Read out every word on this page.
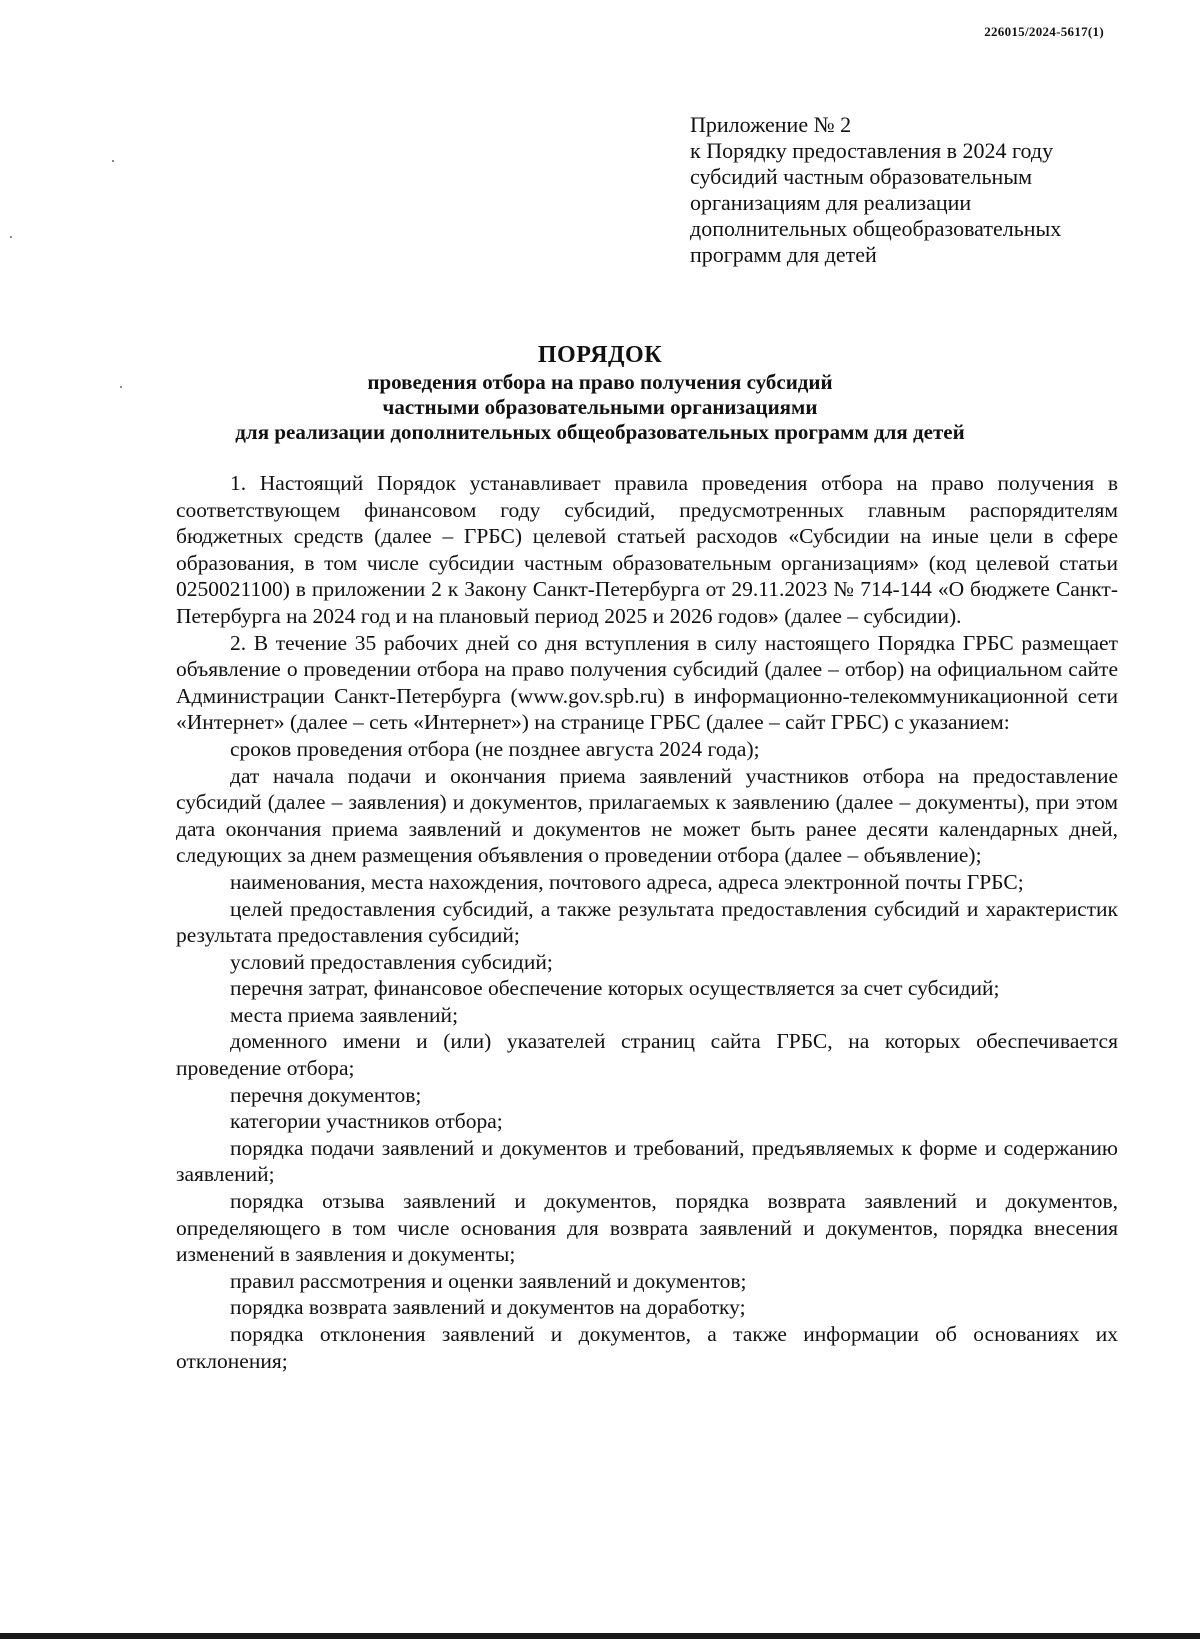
226015/2024-5617(1)
Приложение № 2
к Порядку предоставления в 2024 году
субсидий частным образовательным
организациям для реализации
дополнительных общеобразовательных
программ для детей
ПОРЯДОК
проведения отбора на право получения субсидий
частными образовательными организациями
для реализации дополнительных общеобразовательных программ для детей

1. Настоящий Порядок устанавливает правила проведения отбора на право получения в соответствующем финансовом году субсидий, предусмотренных главным распорядителям бюджетных средств (далее – ГРБС) целевой статьей расходов «Субсидии на иные цели в сфере образования, в том числе субсидии частным образовательным организациям» (код целевой статьи 0250021100) в приложении 2 к Закону Санкт-Петербурга от 29.11.2023 № 714-144 «О бюджете Санкт-Петербурга на 2024 год и на плановый период 2025 и 2026 годов» (далее – субсидии).

2. В течение 35 рабочих дней со дня вступления в силу настоящего Порядка ГРБС размещает объявление о проведении отбора на право получения субсидий (далее – отбор) на официальном сайте Администрации Санкт-Петербурга (www.gov.spb.ru) в информационно-телекоммуникационной сети «Интернет» (далее – сеть «Интернет») на странице ГРБС (далее – сайт ГРБС) с указанием:

сроков проведения отбора (не позднее августа 2024 года);

дат начала подачи и окончания приема заявлений участников отбора на предоставление субсидий (далее – заявления) и документов, прилагаемых к заявлению (далее – документы), при этом дата окончания приема заявлений и документов не может быть ранее десяти календарных дней, следующих за днем размещения объявления о проведении отбора (далее – объявление);

наименования, места нахождения, почтового адреса, адреса электронной почты ГРБС;

целей предоставления субсидий, а также результата предоставления субсидий и характеристик результата предоставления субсидий;

условий предоставления субсидий;

перечня затрат, финансовое обеспечение которых осуществляется за счет субсидий;

места приема заявлений;

доменного имени и (или) указателей страниц сайта ГРБС, на которых обеспечивается проведение отбора;

перечня документов;

категории участников отбора;

порядка подачи заявлений и документов и требований, предъявляемых к форме и содержанию заявлений;

порядка отзыва заявлений и документов, порядка возврата заявлений и документов, определяющего в том числе основания для возврата заявлений и документов, порядка внесения изменений в заявления и документы;

правил рассмотрения и оценки заявлений и документов;

порядка возврата заявлений и документов на доработку;

порядка отклонения заявлений и документов, а также информации об основаниях их отклонения;
